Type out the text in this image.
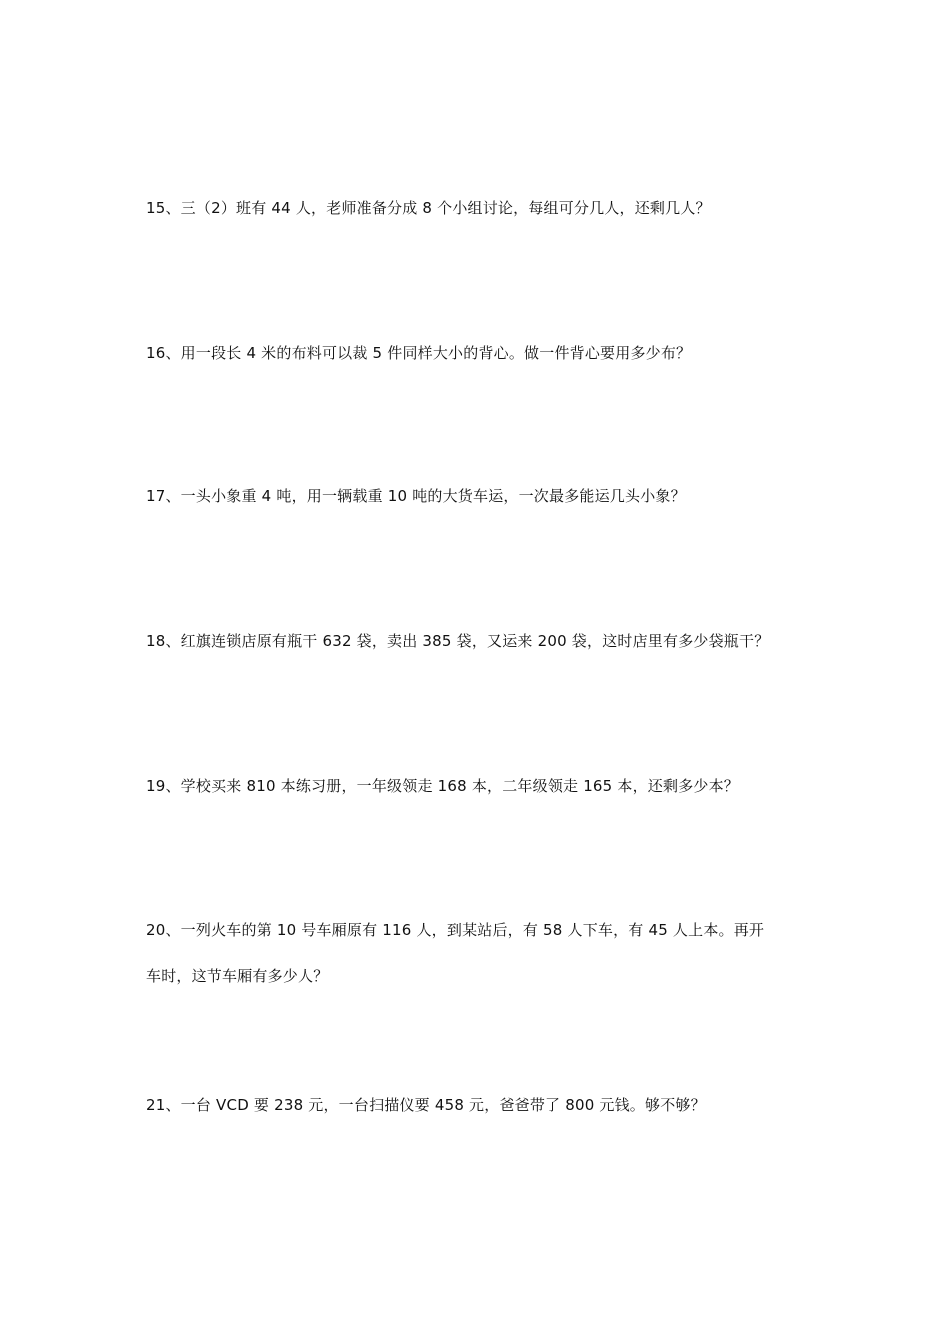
15、三（2）班有 44 人，老师准备分成 8 个小组讨论，每组可分几人，还剩几人？
16、用一段长 4 米的布料可以裁 5 件同样大小的背心。做一件背心要用多少布？
17、一头小象重 4 吨，用一辆载重 10 吨的大货车运，一次最多能运几头小象？
18、红旗连锁店原有瓶干 632 袋，卖出 385 袋，又运来 200 袋，这时店里有多少袋瓶干？
19、学校买来 810 本练习册，一年级领走 168 本，二年级领走 165 本，还剩多少本？
20、一列火车的第 10 号车厢原有 116 人，到某站后，有 58 人下车，有 45 人上本。再开
车时，这节车厢有多少人？
21、一台 VCD 要 238 元，一台扫描仪要 458 元，爸爸带了 800 元钱。够不够？
